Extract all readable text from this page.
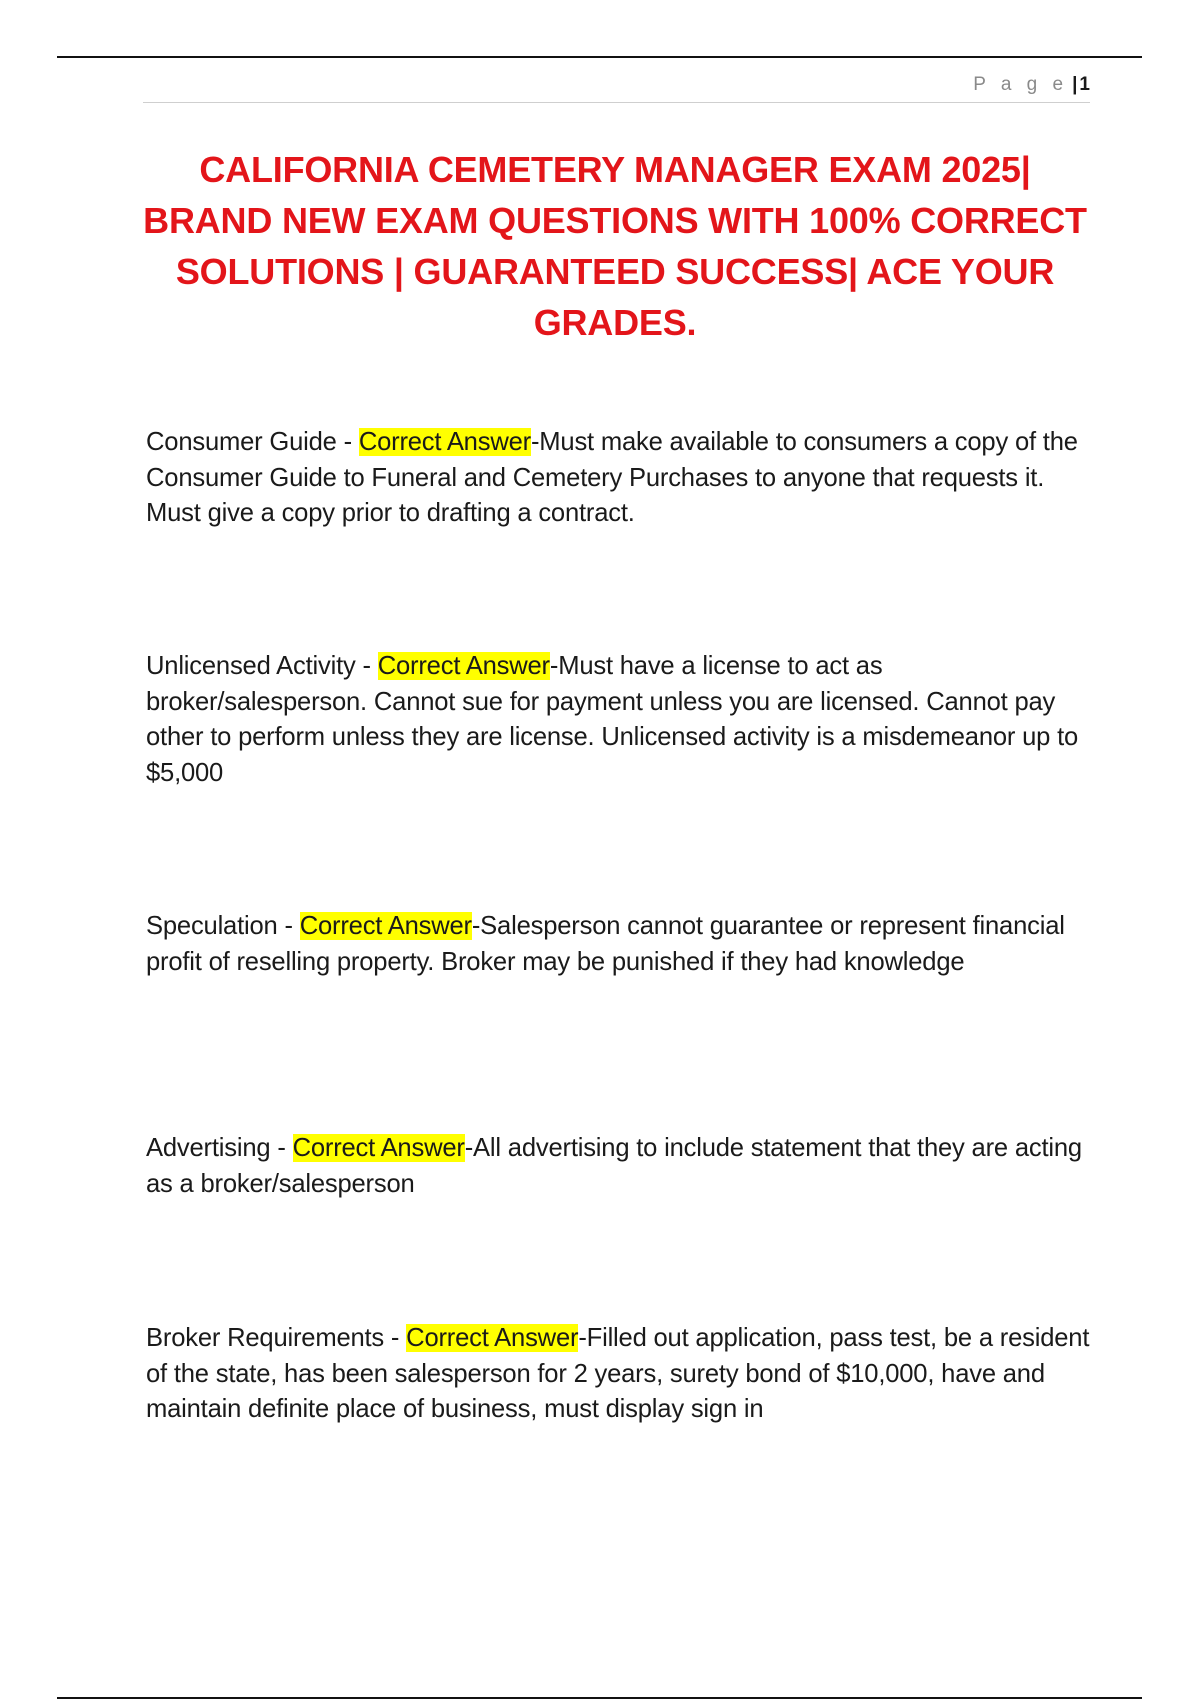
P a g e | 1
CALIFORNIA CEMETERY MANAGER EXAM 2025| BRAND NEW EXAM QUESTIONS WITH 100% CORRECT SOLUTIONS | GUARANTEED SUCCESS| ACE YOUR GRADES.

Consumer Guide - Correct Answer-Must make available to consumers a copy of the Consumer Guide to Funeral and Cemetery Purchases to anyone that requests it. Must give a copy prior to drafting a contract.

Unlicensed Activity - Correct Answer-Must have a license to act as broker/salesperson. Cannot sue for payment unless you are licensed. Cannot pay other to perform unless they are license. Unlicensed activity is a misdemeanor up to $5,000

Speculation - Correct Answer-Salesperson cannot guarantee or represent financial profit of reselling property. Broker may be punished if they had knowledge

Advertising - Correct Answer-All advertising to include statement that they are acting as a broker/salesperson

Broker Requirements - Correct Answer-Filled out application, pass test, be a resident of the state, has been salesperson for 2 years, surety bond of $10,000, have and maintain definite place of business, must display sign in
